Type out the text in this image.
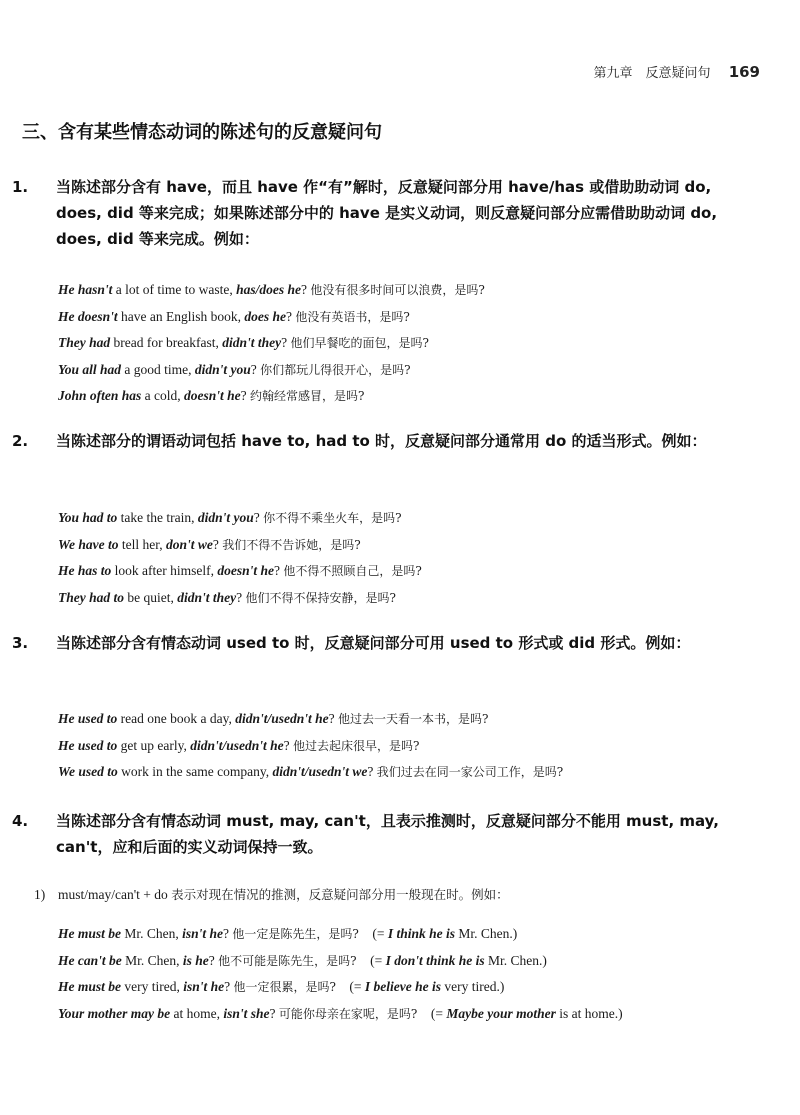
第九章　反意疑问句 169
三、含有某些情态动词的陈述句的反意疑问句
1. 当陈述部分含有 have，而且 have 作“有”解时，反意疑问部分用 have/has 或借助助动词 do, does, did 等来完成；如果陈述部分中的 have 是实义动词，则反意疑问部分应需借助助动词 do, does, did 等来完成。例如：
He hasn't a lot of time to waste, has/does he? 他没有很多时间可以浪费，是吗?
He doesn't have an English book, does he? 他没有英语书，是吗?
They had bread for breakfast, didn't they? 他们早餐吃的面包，是吗?
You all had a good time, didn't you? 你们都玩儿得很开心，是吗?
John often has a cold, doesn't he? 约翰经常感冒，是吗?
2. 当陈述部分的谓语动词包括 have to, had to 时，反意疑问部分通常用 do 的适当形式。例如：
You had to take the train, didn't you? 你不得不乘坐火车，是吗?
We have to tell her, don't we? 我们不得不告诉她，是吗?
He has to look after himself, doesn't he? 他不得不照顾自己，是吗?
They had to be quiet, didn't they? 他们不得不保持安静，是吗?
3. 当陈述部分含有情态动词 used to 时，反意疑问部分可用 used to 形式或 did 形式。例如：
He used to read one book a day, didn't/usedn't he? 他过去一天看一本书，是吗?
He used to get up early, didn't/usedn't he? 他过去起床很早，是吗?
We used to work in the same company, didn't/usedn't we? 我们过去在同一家公司工作，是吗?
4. 当陈述部分含有情态动词 must, may, can't，且表示推测时，反意疑问部分不能用 must, may, can't，应和后面的实义动词保持一致。
1) must/may/can't + do 表示对现在情况的推测，反意疑问部分用一般现在时。例如：
He must be Mr. Chen, isn't he? 他一定是陈先生，是吗?　(= I think he is Mr. Chen.)
He can't be Mr. Chen, is he? 他不可能是陈先生，是吗?　(= I don't think he is Mr. Chen.)
He must be very tired, isn't he? 他一定很累，是吗?　(= I believe he is very tired.)
Your mother may be at home, isn't she? 可能你母亲在家呢，是吗?　(= Maybe your mother is at home.)
